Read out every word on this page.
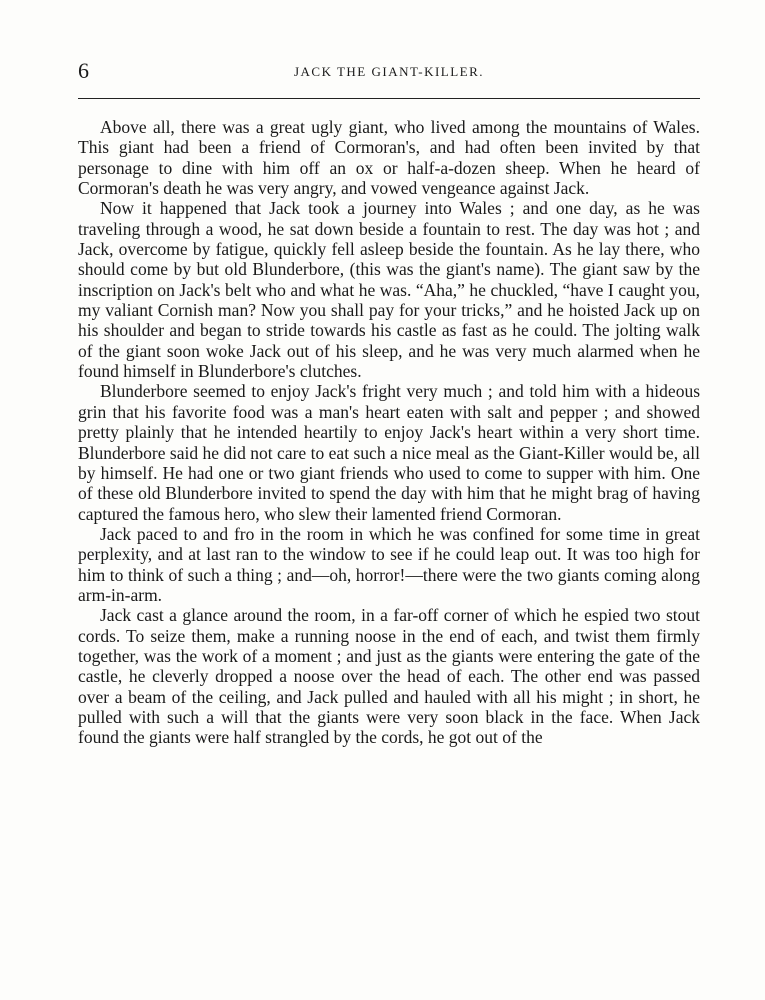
6	JACK THE GIANT-KILLER.

Above all, there was a great ugly giant, who lived among the mountains of Wales. This giant had been a friend of Cormoran's, and had often been invited by that personage to dine with him off an ox or half-a-dozen sheep. When he heard of Cormoran's death he was very angry, and vowed vengeance against Jack.

Now it happened that Jack took a journey into Wales ; and one day, as he was traveling through a wood, he sat down beside a fountain to rest. The day was hot ; and Jack, overcome by fatigue, quickly fell asleep beside the fountain. As he lay there, who should come by but old Blunderbore, (this was the giant's name). The giant saw by the inscription on Jack's belt who and what he was. “Aha,” he chuckled, “have I caught you, my valiant Cornish man? Now you shall pay for your tricks,” and he hoisted Jack up on his shoulder and began to stride towards his castle as fast as he could. The jolting walk of the giant soon woke Jack out of his sleep, and he was very much alarmed when he found himself in Blunderbore's clutches.

Blunderbore seemed to enjoy Jack's fright very much ; and told him with a hideous grin that his favorite food was a man's heart eaten with salt and pepper ; and showed pretty plainly that he intended heartily to enjoy Jack's heart within a very short time. Blunderbore said he did not care to eat such a nice meal as the Giant-Killer would be, all by himself. He had one or two giant friends who used to come to supper with him. One of these old Blunderbore invited to spend the day with him that he might brag of having captured the famous hero, who slew their lamented friend Cormoran.

Jack paced to and fro in the room in which he was confined for some time in great perplexity, and at last ran to the window to see if he could leap out. It was too high for him to think of such a thing ; and—oh, horror!—there were the two giants coming along arm-in-arm.

Jack cast a glance around the room, in a far-off corner of which he espied two stout cords. To seize them, make a running noose in the end of each, and twist them firmly together, was the work of a moment ; and just as the giants were entering the gate of the castle, he cleverly dropped a noose over the head of each. The other end was passed over a beam of the ceiling, and Jack pulled and hauled with all his might ; in short, he pulled with such a will that the giants were very soon black in the face. When Jack found the giants were half strangled by the cords, he got out of the
